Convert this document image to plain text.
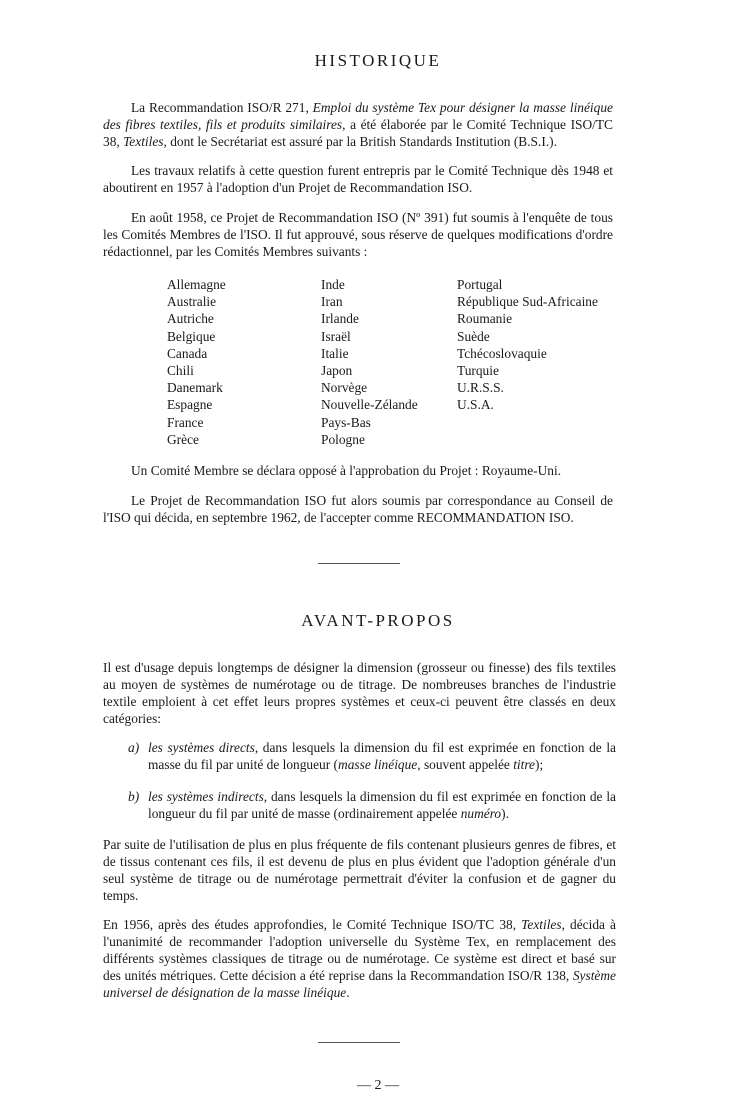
HISTORIQUE

La Recommandation ISO/R 271, Emploi du système Tex pour désigner la masse linéique des fibres textiles, fils et produits similaires, a été élaborée par le Comité Technique ISO/TC 38, Textiles, dont le Secrétariat est assuré par la British Standards Institution (B.S.I.).

Les travaux relatifs à cette question furent entrepris par le Comité Technique dès 1948 et aboutirent en 1957 à l'adoption d'un Projet de Recommandation ISO.

En août 1958, ce Projet de Recommandation ISO (Nº 391) fut soumis à l'enquête de tous les Comités Membres de l'ISO. Il fut approuvé, sous réserve de quelques modifications d'ordre rédactionnel, par les Comités Membres suivants :

Allemagne
Australie
Autriche
Belgique
Canada
Chili
Danemark
Espagne
France
Grèce
Inde
Iran
Irlande
Israël
Italie
Japon
Norvège
Nouvelle-Zélande
Pays-Bas
Pologne
Portugal
République Sud-Africaine
Roumanie
Suède
Tchécoslovaquie
Turquie
U.R.S.S.
U.S.A.

Un Comité Membre se déclara opposé à l'approbation du Projet : Royaume-Uni.

Le Projet de Recommandation ISO fut alors soumis par correspondance au Conseil de l'ISO qui décida, en septembre 1962, de l'accepter comme RECOMMANDATION ISO.

AVANT-PROPOS

Il est d'usage depuis longtemps de désigner la dimension (grosseur ou finesse) des fils textiles au moyen de systèmes de numérotage ou de titrage. De nombreuses branches de l'industrie textile emploient à cet effet leurs propres systèmes et ceux-ci peuvent être classés en deux catégories:

a) les systèmes directs, dans lesquels la dimension du fil est exprimée en fonction de la masse du fil par unité de longueur (masse linéique, souvent appelée titre);
b) les systèmes indirects, dans lesquels la dimension du fil est exprimée en fonction de la longueur du fil par unité de masse (ordinairement appelée numéro).

Par suite de l'utilisation de plus en plus fréquente de fils contenant plusieurs genres de fibres, et de tissus contenant ces fils, il est devenu de plus en plus évident que l'adoption générale d'un seul système de titrage ou de numérotage permettrait d'éviter la confusion et de gagner du temps.

En 1956, après des études approfondies, le Comité Technique ISO/TC 38, Textiles, décida à l'unanimité de recommander l'adoption universelle du Système Tex, en remplacement des différents systèmes classiques de titrage ou de numérotage. Ce système est direct et basé sur des unités métriques. Cette décision a été reprise dans la Recommandation ISO/R 138, Système universel de désignation de la masse linéique.

— 2 —
